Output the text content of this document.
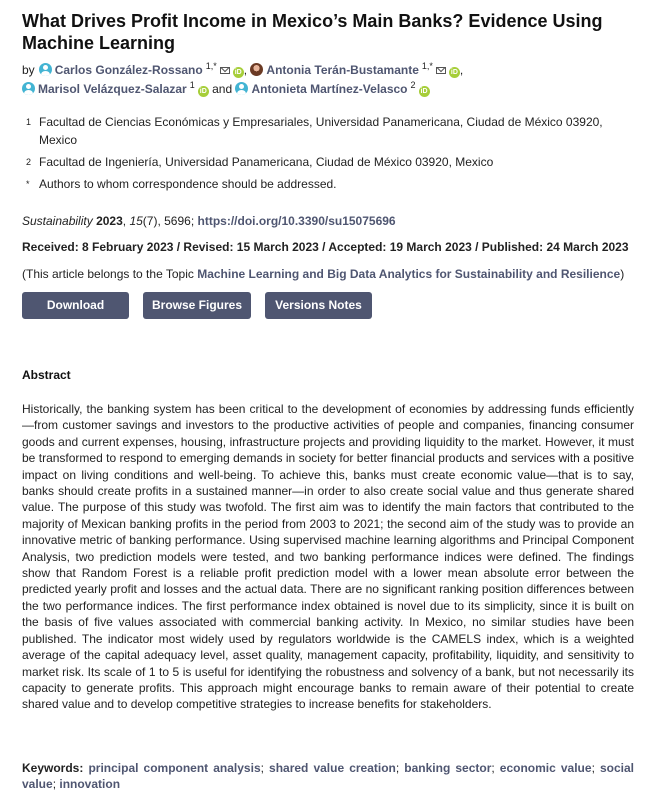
What Drives Profit Income in Mexico’s Main Banks? Evidence Using Machine Learning
by Carlos González-Rossano $^{1,*}$iD , Antonia Terán-Bustamante $^{1,*}$iD ,
Marisol Velázquez-Salazar $^1$iD and Antonieta Martínez-Velasco $^2$iD
1 Facultad de Ciencias Económicas y Empresariales, Universidad Panamericana, Ciudad de México 03920, Mexico
2 Facultad de Ingeniería, Universidad Panamericana, Ciudad de México 03920, Mexico
* Authors to whom correspondence should be addressed.
Sustainability 2023, 15(7), 5696; https://doi.org/10.3390/su15075696
Received: 8 February 2023 / Revised: 15 March 2023 / Accepted: 19 March 2023 / Published: 24 March 2023
(This article belongs to the Topic Machine Learning and Big Data Analytics for Sustainability and Resilience)
Download	Browse Figures	Versions Notes
Abstract

Historically, the banking system has been critical to the development of economies by addressing funds efficiently—from customer savings and investors to the productive activities of people and companies, financing consumer goods and current expenses, housing, infrastructure projects and providing liquidity to the market. However, it must be transformed to respond to emerging demands in society for better financial products and services with a positive impact on living conditions and well-being. To achieve this, banks must create economic value—that is to say, banks should create profits in a sustained manner—in order to also create social value and thus generate shared value. The purpose of this study was twofold. The first aim was to identify the main factors that contributed to the majority of Mexican banking profits in the period from 2003 to 2021; the second aim of the study was to provide an innovative metric of banking performance. Using supervised machine learning algorithms and Principal Component Analysis, two prediction models were tested, and two banking performance indices were defined. The findings show that Random Forest is a reliable profit prediction model with a lower mean absolute error between the predicted yearly profit and losses and the actual data. There are no significant ranking position differences between the two performance indices. The first performance index obtained is novel due to its simplicity, since it is built on the basis of five values associated with commercial banking activity. In Mexico, no similar studies have been published. The indicator most widely used by regulators worldwide is the CAMELS index, which is a weighted average of the capital adequacy level, asset quality, management capacity, profitability, liquidity, and sensitivity to market risk. Its scale of 1 to 5 is useful for identifying the robustness and solvency of a bank, but not necessarily its capacity to generate profits. This approach might encourage banks to remain aware of their potential to create shared value and to develop competitive strategies to increase benefits for stakeholders.

Keywords: principal component analysis; shared value creation; banking sector; economic value; social value; innovation
